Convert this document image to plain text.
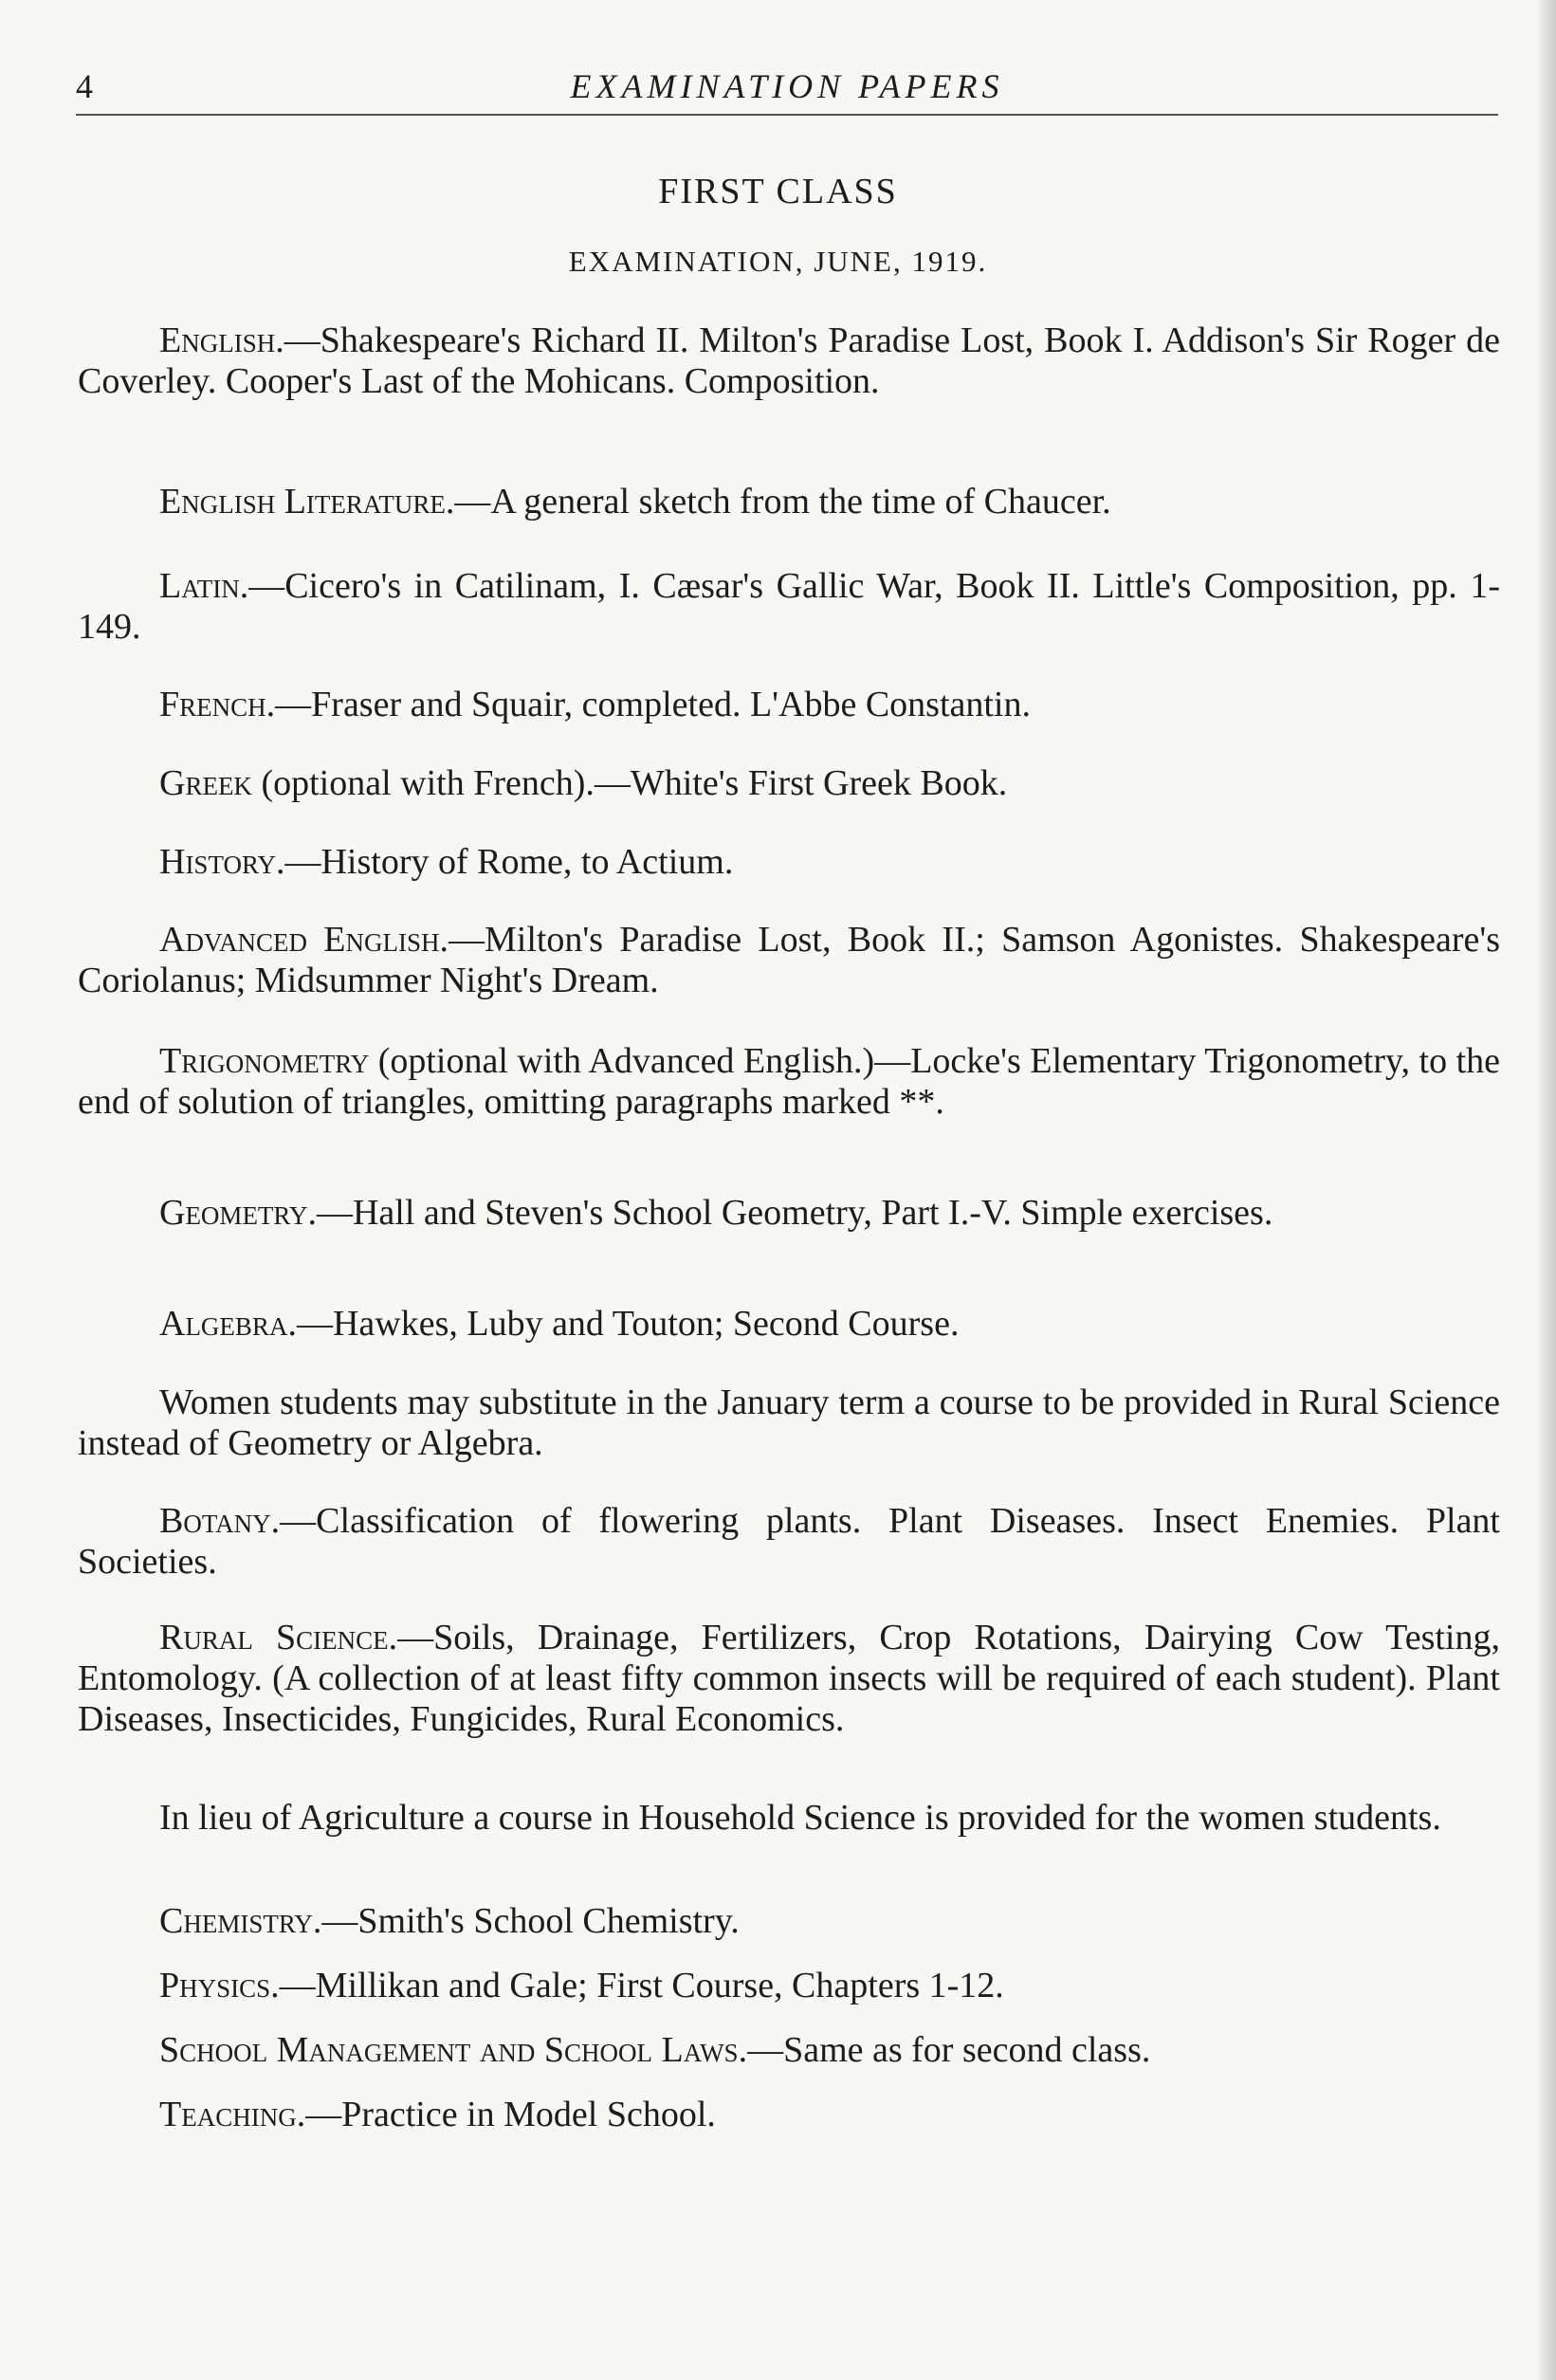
4	EXAMINATION PAPERS
FIRST CLASS
EXAMINATION, JUNE, 1919.

English.—Shakespeare's Richard II. Milton's Paradise Lost, Book I. Addison's Sir Roger de Coverley. Cooper's Last of the Mohicans. Composition.

English Literature.—A general sketch from the time of Chaucer.

Latin.—Cicero's in Catilinam, I. Cæsar's Gallic War, Book II. Little's Composition, pp. 1-149.

French.—Fraser and Squair, completed. L'Abbe Constantin.

Greek (optional with French).—White's First Greek Book.

History.—History of Rome, to Actium.

Advanced English.—Milton's Paradise Lost, Book II.; Samson Agonistes. Shakespeare's Coriolanus; Midsummer Night's Dream.

Trigonometry (optional with Advanced English.)—Locke's Elementary Trigonometry, to the end of solution of triangles, omitting paragraphs marked **.

Geometry.—Hall and Steven's School Geometry, Part I.-V. Simple exercises.

Algebra.—Hawkes, Luby and Touton; Second Course.

Women students may substitute in the January term a course to be provided in Rural Science instead of Geometry or Algebra.

Botany.—Classification of flowering plants. Plant Diseases. Insect Enemies. Plant Societies.

Rural Science.—Soils, Drainage, Fertilizers, Crop Rotations, Dairying Cow Testing, Entomology. (A collection of at least fifty common insects will be required of each student). Plant Diseases, Insecticides, Fungicides, Rural Economics.

In lieu of Agriculture a course in Household Science is provided for the women students.

Chemistry.—Smith's School Chemistry.

Physics.—Millikan and Gale; First Course, Chapters 1-12.

School Management and School Laws.—Same as for second class.

Teaching.—Practice in Model School.
